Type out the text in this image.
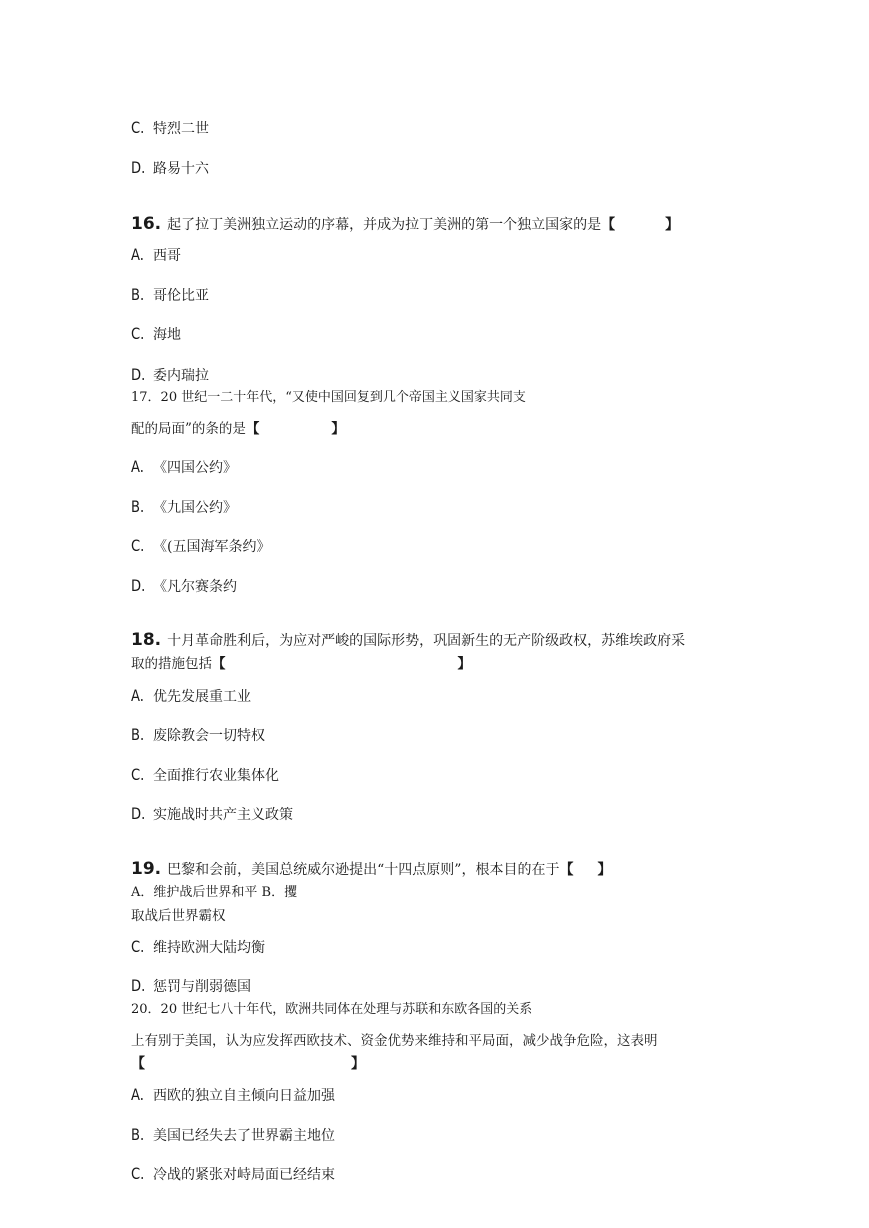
C. 特烈二世
D. 路易十六
16. 起了拉丁美洲独立运动的序幕，并成为拉丁美洲的第一个独立国家的是【	】
A. 西哥
B. 哥伦比亚
C. 海地
D. 委内瑞拉
17．20 世纪一二十年代，“又使中国回复到几个帝国主义国家共同支
配的局面”的条的是【	】
A. 《四国公约》
B. 《九国公约》
C. 《(五国海军条约》
D. 《凡尔赛条约
18. 十月革命胜利后，为应对严峻的国际形势，巩固新生的无产阶级政权，苏维埃政府采
取的措施包括【	】
A. 优先发展重工业
B. 废除教会一切特权
C. 全面推行农业集体化
D. 实施战时共产主义政策
19. 巴黎和会前，美国总统威尔逊提出“十四点原则”，根本目的在于【 】
A．维护战后世界和平 B．攫
取战后世界霸权
C. 维持欧洲大陆均衡
D. 惩罚与削弱德国
20．20 世纪七八十年代，欧洲共同体在处理与苏联和东欧各国的关系
上有别于美国，认为应发挥西欧技术、资金优势来维持和平局面，减少战争危险，这表明
【	】
A. 西欧的独立自主倾向日益加强
B. 美国已经失去了世界霸主地位
C. 冷战的紧张对峙局面已经结束
